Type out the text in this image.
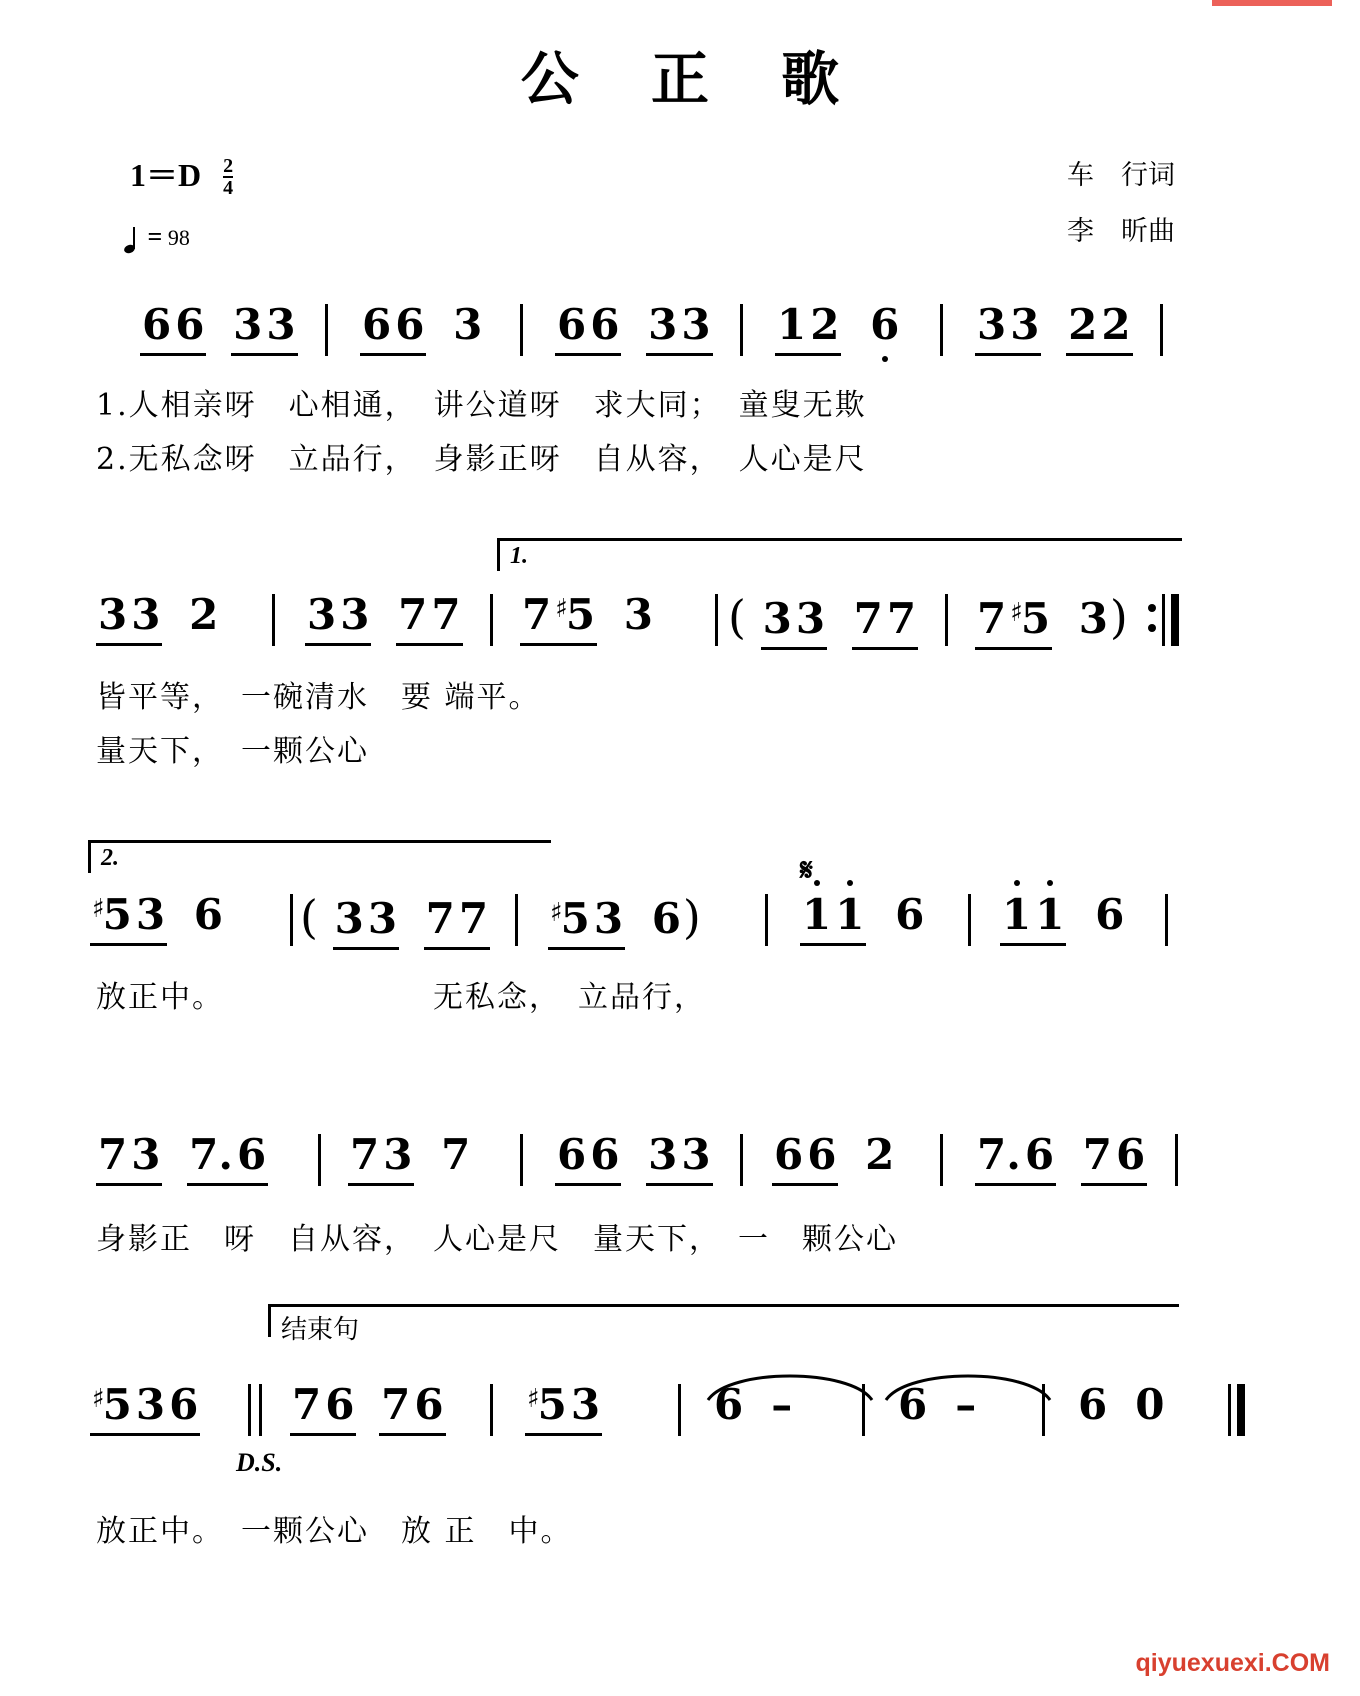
公 正 歌
$1=D \frac{2}{4}$
= 98
车　行词
李　昕曲
66 33 66 3 66 33 12 6 33 22
1.人相亲呀　心相通，　讲公道呀　求大同；　童叟无欺
2.无私念呀　立品行，　身影正呀　自从容，　人心是尺
1.
33 2 33 77 7 ♯5 3 ( 33 77 7 ♯5 3)
皆平等，　一碗清水　要 端平。
量天下，　一颗公心
2.	𝄋
♯53 6 ( 33 77 ♯53 6) 11 6 11 6
放正中。　　　　　　　无私念，　立品行，
73 7.6 73 7 66 33 66 2 7.6 76
身影正　呀　自从容，　人心是尺　量天下，　一　颗公心
结束句
♯536 76 76	♯53	6 –	6 – 6 0
D.S.
放正中。　一颗公心　放 正　中。
qiyuexuexi.COM
